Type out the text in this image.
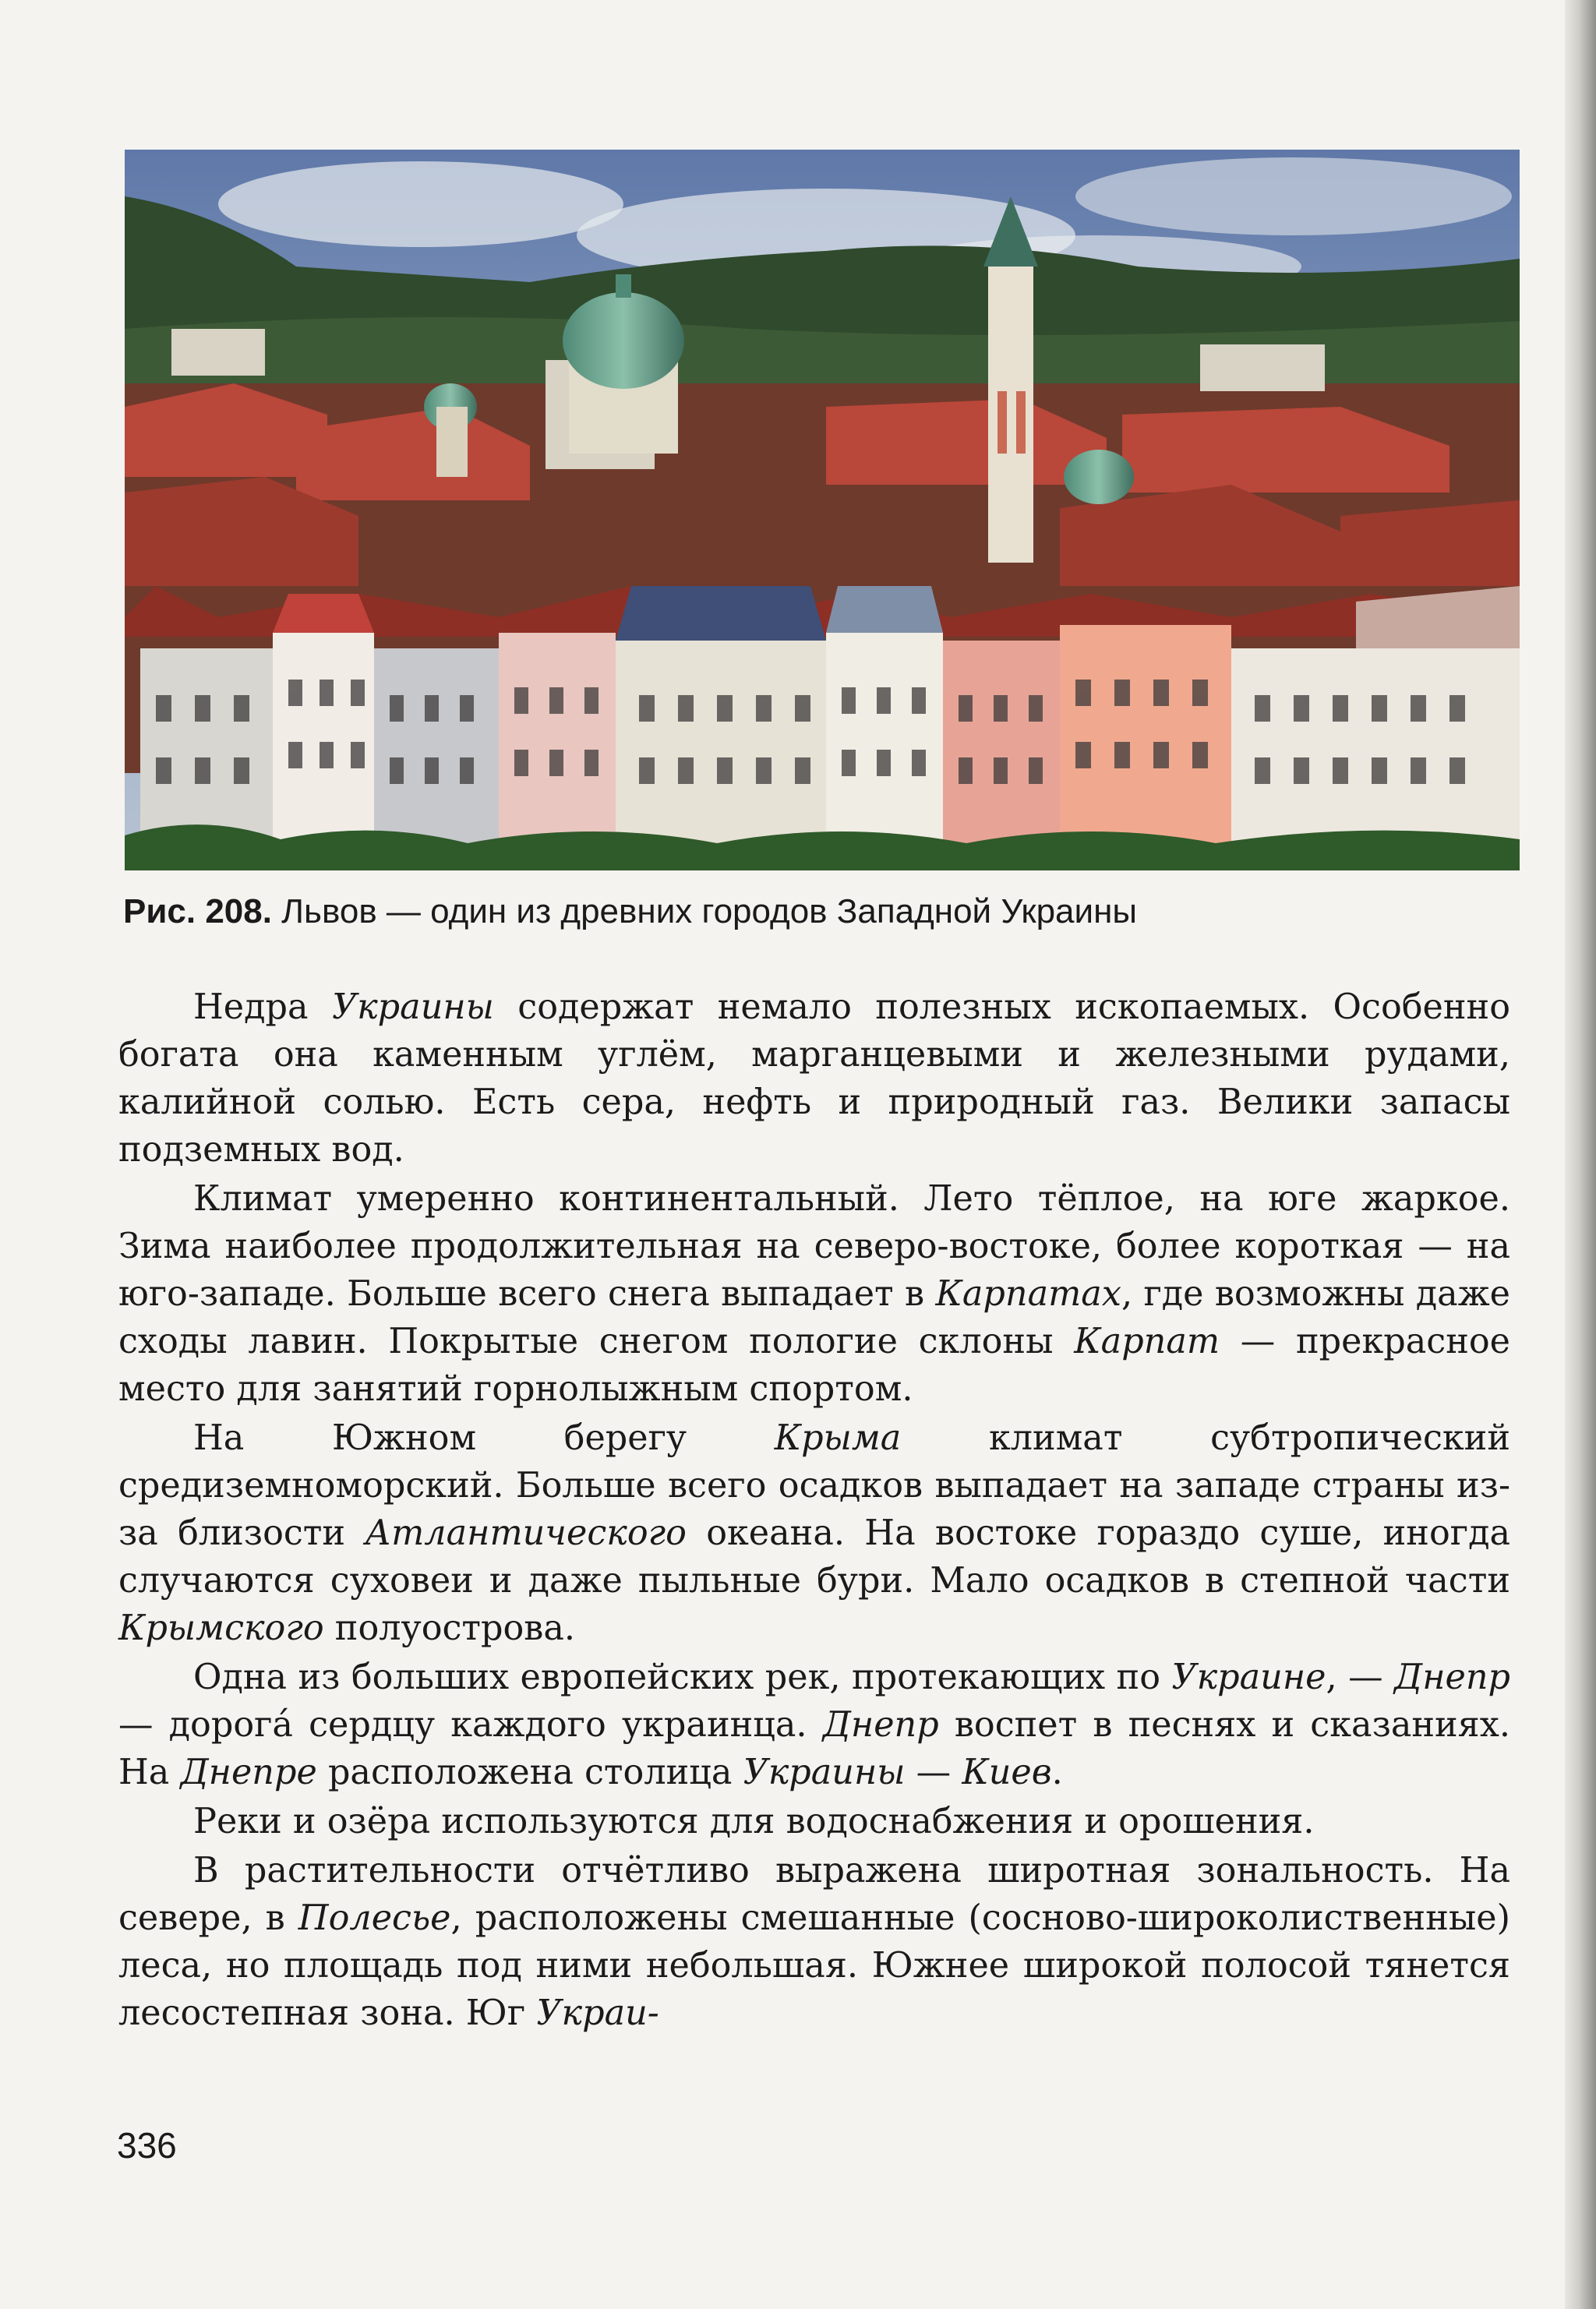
Рис. 208. Львов — один из древних городов Западной Украины

Недра Украины содержат немало полезных ископаемых. Особенно богата она каменным углём, марганцевыми и железными рудами, калийной солью. Есть сера, нефть и природный газ. Велики запасы подземных вод.

Климат умеренно континентальный. Лето тёплое, на юге жаркое. Зима наиболее продолжительная на северо-востоке, более короткая — на юго-западе. Больше всего снега выпадает в Карпатах, где возможны даже сходы лавин. Покрытые снегом пологие склоны Карпат — прекрасное место для занятий горнолыжным спортом.

На Южном берегу Крыма климат субтропический средиземноморский. Больше всего осадков выпадает на западе страны из-за близости Атлантического океана. На востоке гораздо суше, иногда случаются суховеи и даже пыльные бури. Мало осадков в степной части Крымского полуострова.

Одна из больших европейских рек, протекающих по Украине, — Днепр — дорогá сердцу каждого украинца. Днепр воспет в песнях и сказаниях. На Днепре расположена столица Украины — Киев.

Реки и озёра используются для водоснабжения и орошения.

В растительности отчётливо выражена широтная зональность. На севере, в Полесье, расположены смешанные (сосново-широколиственные) леса, но площадь под ними небольшая. Южнее широкой полосой тянется лесостепная зона. Юг Украи-

336
